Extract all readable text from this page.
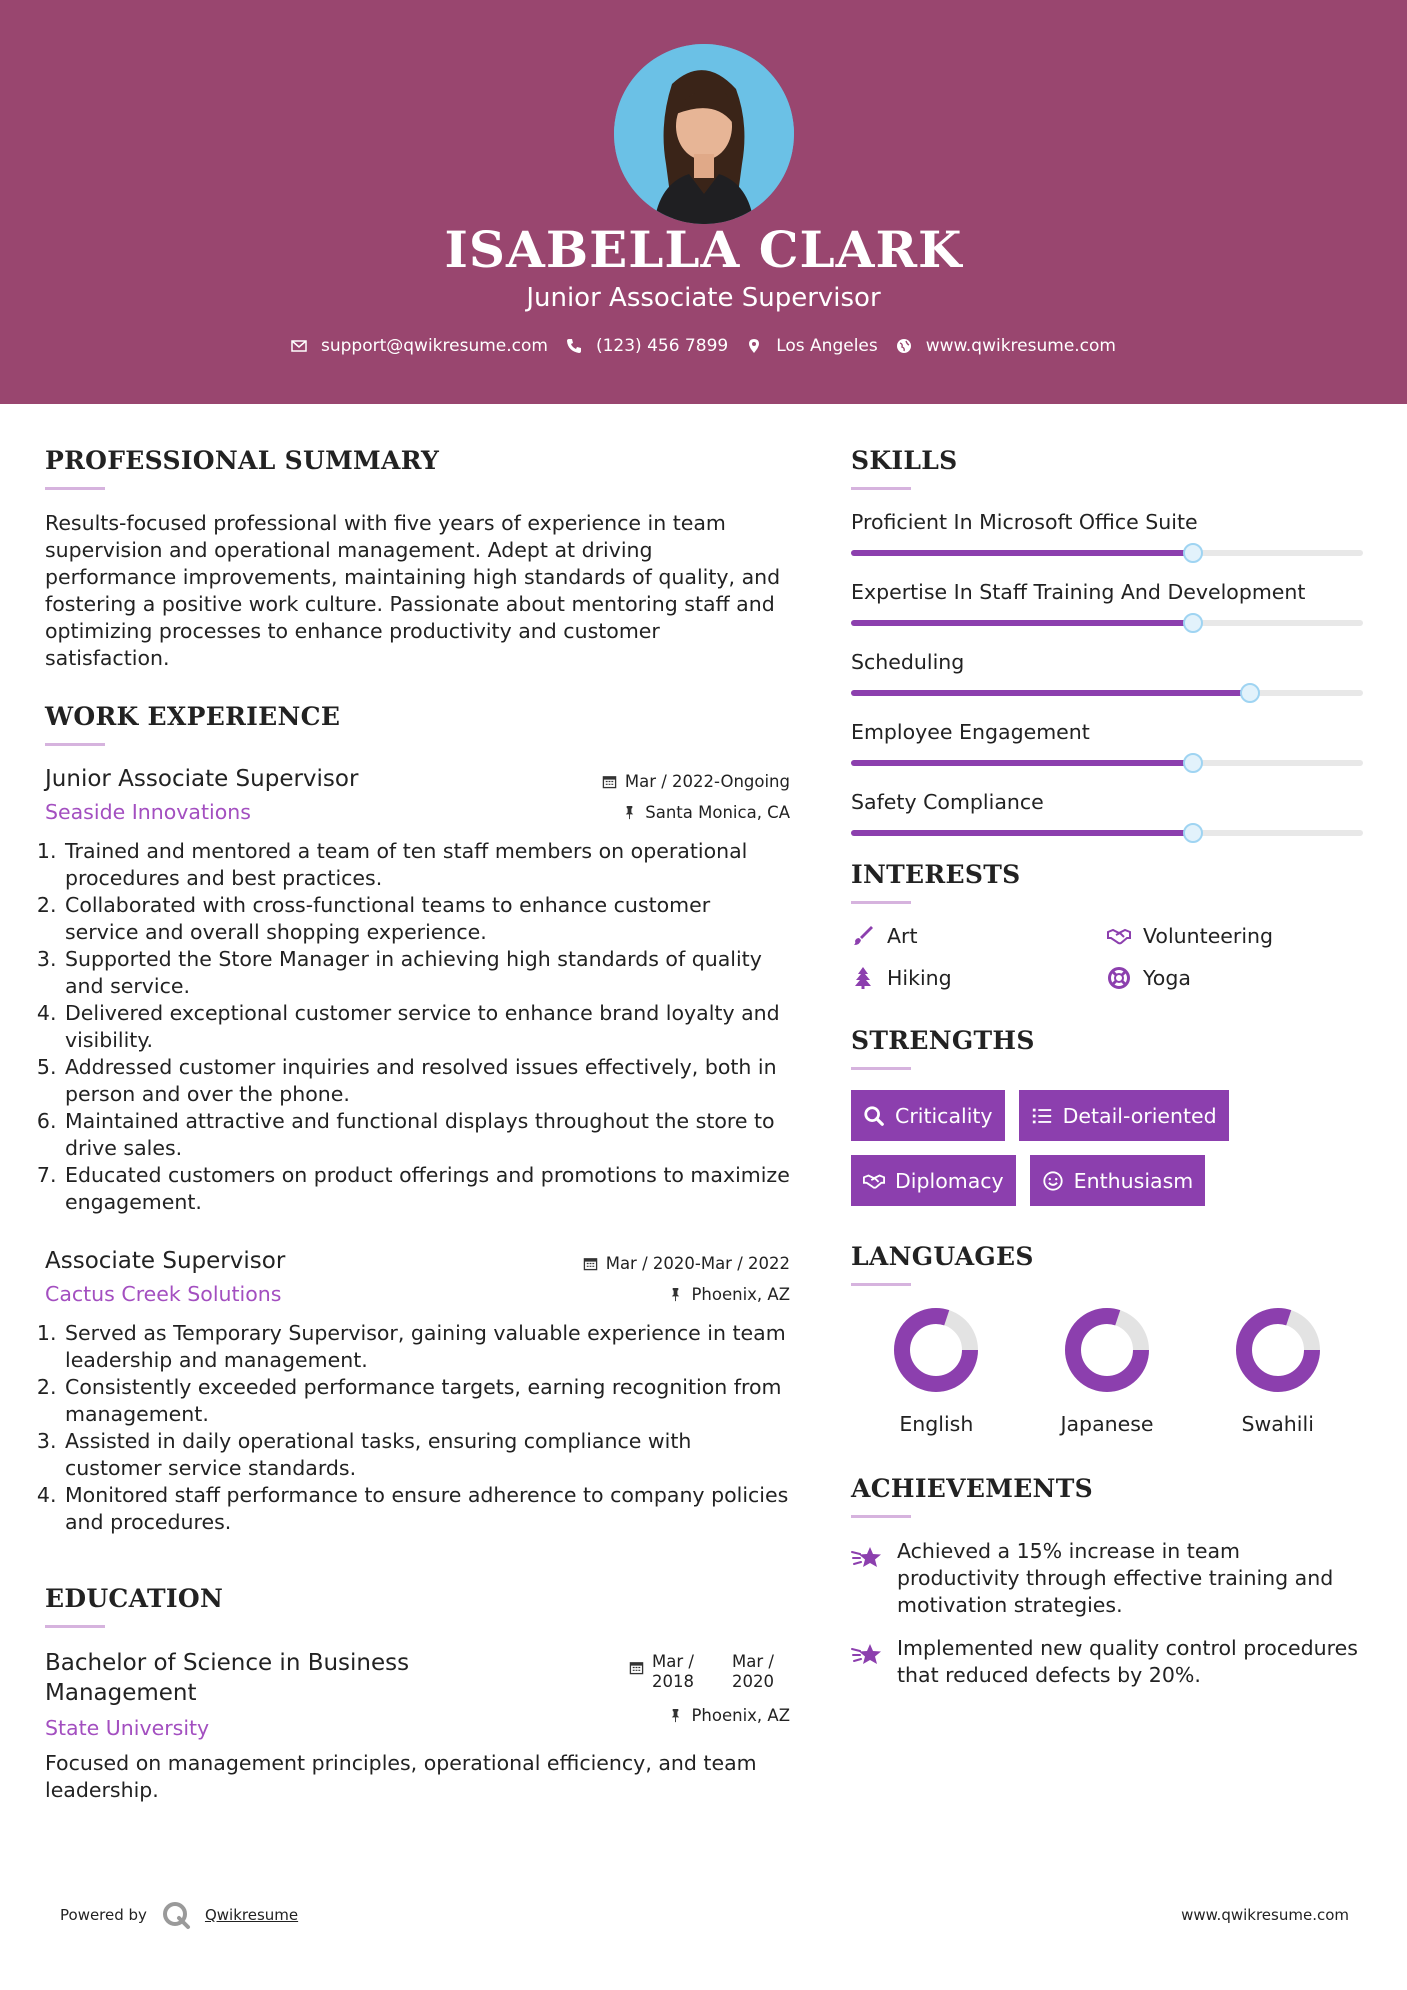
ISABELLA CLARK
Junior Associate Supervisor
support@qwikresume.com	(123) 456 7899	Los Angeles	www.qwikresume.com
PROFESSIONAL SUMMARY

Results-focused professional with five years of experience in team supervision and operational management. Adept at driving performance improvements, maintaining high standards of quality, and fostering a positive work culture. Passionate about mentoring staff and optimizing processes to enhance productivity and customer satisfaction.

WORK EXPERIENCE
Junior Associate Supervisor
Seaside Innovations
Mar / 2022-Ongoing
Santa Monica, CA
1. Trained and mentored a team of ten staff members on operational procedures and best practices.
2. Collaborated with cross-functional teams to enhance customer service and overall shopping experience.
3. Supported the Store Manager in achieving high standards of quality and service.
4. Delivered exceptional customer service to enhance brand loyalty and visibility.
5. Addressed customer inquiries and resolved issues effectively, both in person and over the phone.
6. Maintained attractive and functional displays throughout the store to drive sales.
7. Educated customers on product offerings and promotions to maximize engagement.
Associate Supervisor
Cactus Creek Solutions
Mar / 2020-Mar / 2022
Phoenix, AZ
1. Served as Temporary Supervisor, gaining valuable experience in team leadership and management.
2. Consistently exceeded performance targets, earning recognition from management.
3. Assisted in daily operational tasks, ensuring compliance with customer service standards.
4. Monitored staff performance to ensure adherence to company policies and procedures.
EDUCATION
Bachelor of Science in Business Management
State University
Mar / 2018
Mar / 2020
Phoenix, AZ

Focused on management principles, operational efficiency, and team leadership.

SKILLS
Proficient In Microsoft Office Suite
Expertise In Staff Training And Development
Scheduling
Employee Engagement
Safety Compliance
INTERESTS
Art	Volunteering
Hiking	Yoga
STRENGTHS
Criticality	Detail-oriented
Diplomacy	Enthusiasm
LANGUAGES
English	Japanese	Swahili
ACHIEVEMENTS
Achieved a 15% increase in team productivity through effective training and motivation strategies.
Implemented new quality control procedures that reduced defects by 20%.
Powered by	Qwikresume	www.qwikresume.com
